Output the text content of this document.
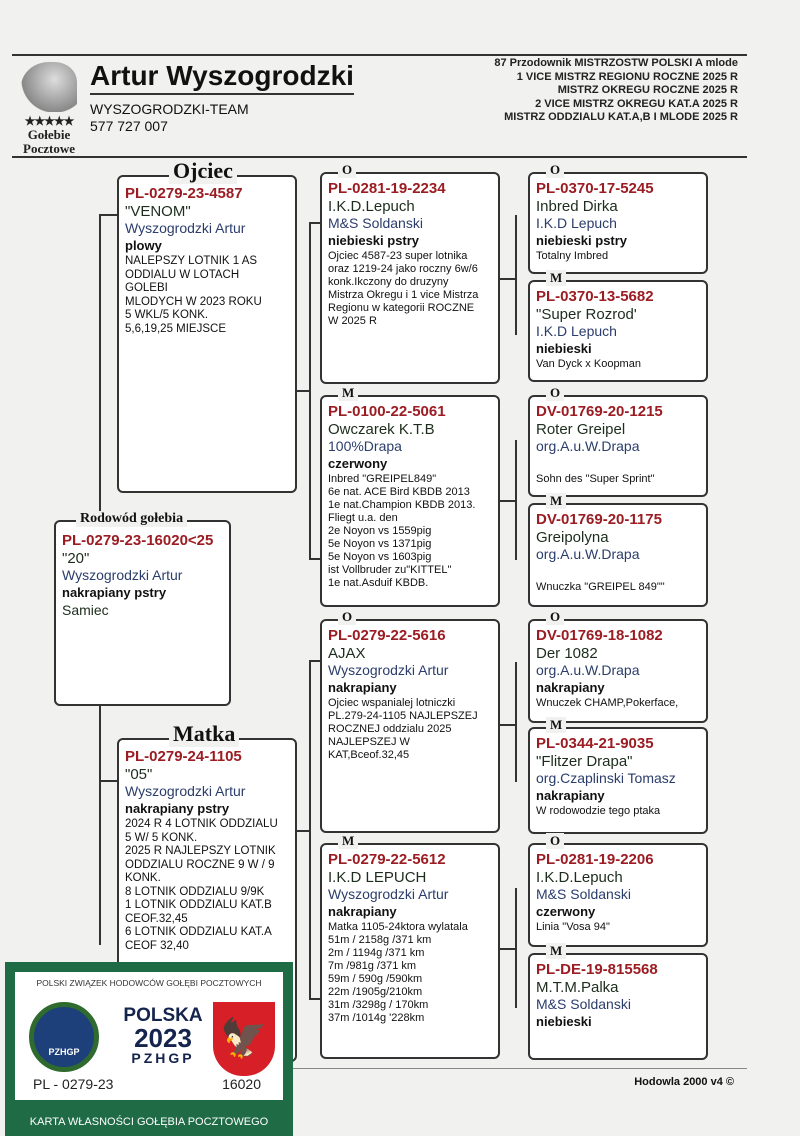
★★★★★
Gołebie
Pocztowe
Artur Wyszogrodzki
WYSZOGRODZKI-TEAM
577 727 007
87 Przodownik MISTRZOSTW POLSKI A mlode
1 VICE MISTRZ REGIONU ROCZNE 2025 R
MISTRZ OKREGU ROCZNE 2025 R
2 VICE MISTRZ OKREGU KAT.A 2025 R
MISTRZ ODDZIALU KAT.A,B I MLODE 2025 R
Ojciec
PL-0279-23-4587
"VENOM"
Wyszogrodzki Artur
plowy
NALEPSZY LOTNIK 1 AS
ODDIALU W LOTACH
GOLEBI
MLODYCH W 2023 ROKU
5 WKL/5 KONK.
5,6,19,25 MIEJSCE
Rodowód gołebia
PL-0279-23-16020<25
"20"
Wyszogrodzki Artur
nakrapiany pstry
Samiec
Matka
PL-0279-24-1105
"05"
Wyszogrodzki Artur
nakrapiany pstry
2024 R 4 LOTNIK ODDZIALU
5 W/ 5 KONK.
2025 R NAJLEPSZY LOTNIK
ODDZIALU ROCZNE 9 W / 9
KONK.
8 LOTNIK ODDZIALU 9/9K
1 LOTNIK ODDZIALU KAT.B
CEOF.32,45
6 LOTNIK ODDZIALU KAT.A
CEOF 32,40
Hodowla 2000 v4 ©
POLSKI ZWIĄZEK HODOWCÓW GOŁĘBI POCZTOWYCH
PZHGP
POLSKA
2023
PZHGP 🦅
PL - 0279-23	16020
KARTA WŁASNOŚCI GOŁĘBIA POCZTOWEGO
O
PL-0281-19-2234
I.K.D.Lepuch
M&S Soldanski
niebieski pstry
Ojciec 4587-23 super lotnika
oraz 1219-24 jako roczny 6w/6
konk.Ikczony do druzyny
Mistrza Okregu i 1 vice Mistrza
Regionu w kategorii ROCZNE
W 2025 R
M
PL-0100-22-5061
Owczarek K.T.B
100%Drapa
czerwony
Inbred "GREIPEL849"
6e nat. ACE Bird KBDB 2013
1e nat.Champion KBDB 2013.
Fliegt u.a. den
2e Noyon vs 1559pig
5e Noyon vs 1371pig
5e Noyon vs 1603pig
ist Vollbruder zu"KITTEL"
1e nat.Asduif KBDB.
O
PL-0279-22-5616
AJAX
Wyszogrodzki Artur
nakrapiany
Ojciec wspanialej lotniczki
PL.279-24-1105 NAJLEPSZEJ
ROCZNEJ oddzialu 2025
NAJLEPSZEJ W
KAT,Bceof.32,45
M
PL-0279-22-5612
I.K.D LEPUCH
Wyszogrodzki Artur
nakrapiany
Matka 1105-24ktora wylatala
51m / 2158g /371 km
2m / 1194g /371 km
7m /981g /371 km
59m / 590g /590km
22m /1905g/210km
31m /3298g / 170km
37m /1014g '228km
O
PL-0370-17-5245
Inbred Dirka
I.K.D Lepuch
niebieski pstry
Totalny Imbred
M
PL-0370-13-5682
"Super Rozrod'
I.K.D Lepuch
niebieski
Van Dyck x Koopman
O
DV-01769-20-1215
Roter Greipel
org.A.u.W.Drapa
Sohn des "Super Sprint"
M
DV-01769-20-1175
Greipolyna
org.A.u.W.Drapa
Wnuczka "GREIPEL 849""
O
DV-01769-18-1082
Der 1082
org.A.u.W.Drapa
nakrapiany
Wnuczek CHAMP,Pokerface,
M
PL-0344-21-9035
"Flitzer Drapa"
org.Czaplinski Tomasz
nakrapiany
W rodowodzie tego ptaka
O
PL-0281-19-2206
I.K.D.Lepuch
M&S Soldanski
czerwony
Linia "Vosa 94"
M
PL-DE-19-815568
M.T.M.Palka
M&S Soldanski
niebieski
